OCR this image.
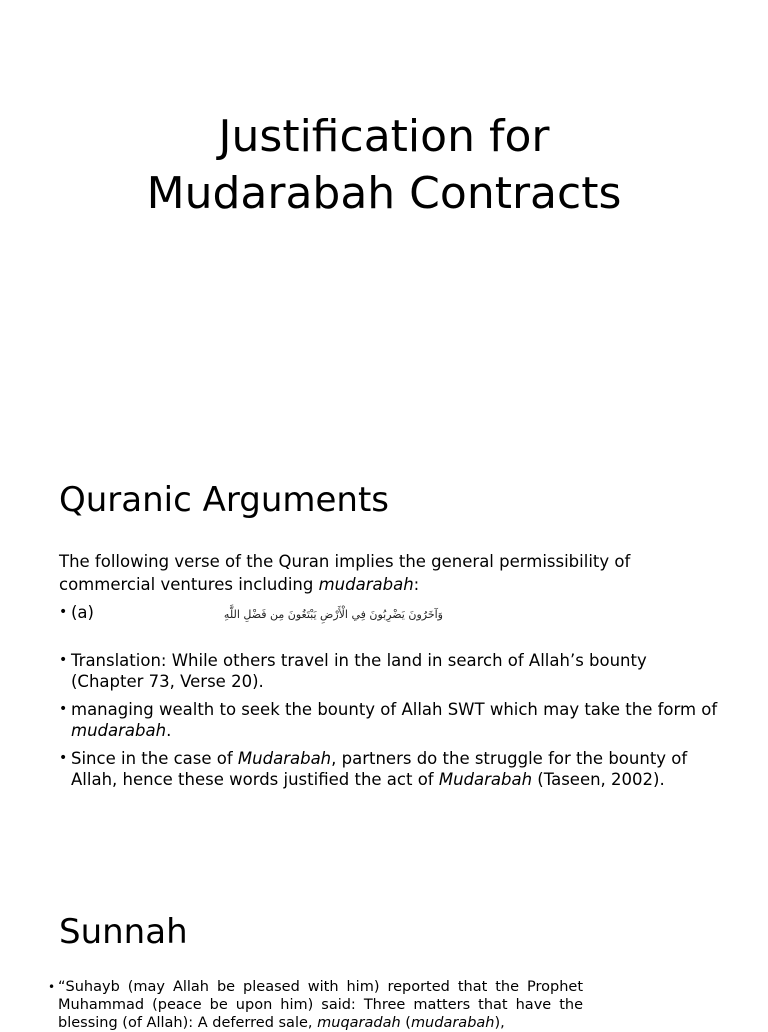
Justification for
Mudarabah Contracts
Quranic Arguments

The following verse of the Quran implies the general permissibility of commercial ventures including mudarabah:

• (a)	وَآخَرُونَ يَضْرِبُونَ فِي الْأَرْضِ يَبْتَغُونَ مِن فَضْلِ اللَّهِ
• Translation: While others travel in the land in search of Allah’s bounty (Chapter 73, Verse 20).
• managing wealth to seek the bounty of Allah SWT which may take the form of mudarabah.
• Since in the case of Mudarabah, partners do the struggle for the bounty of Allah, hence these words justified the act of Mudarabah (Taseen, 2002).
Sunnah
• “Suhayb (may Allah be pleased with him) reported that the Prophet Muhammad (peace be upon him) said: Three matters that have the blessing (of Allah): A deferred sale, muqaradah (mudarabah),
